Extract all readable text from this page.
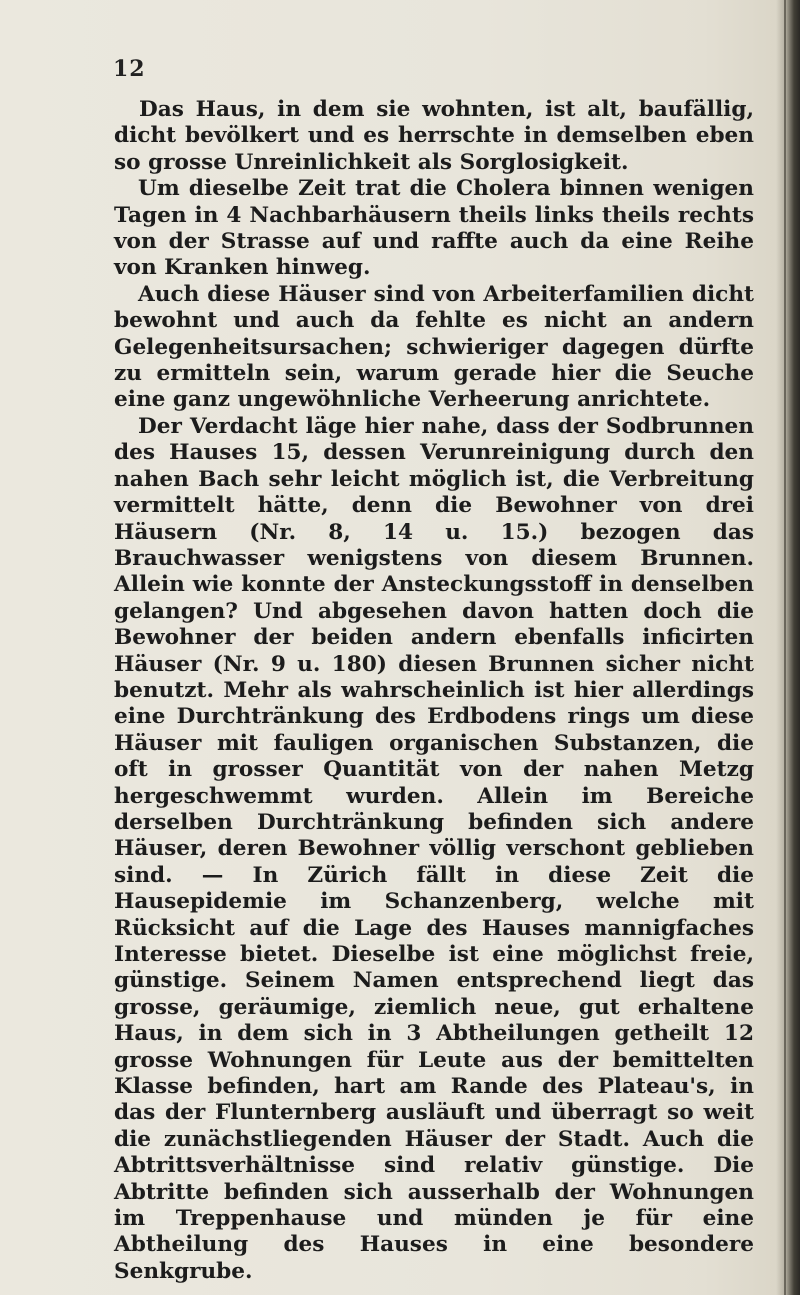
12

Das Haus, in dem sie wohnten, ist alt, baufällig, dicht bevölkert und es herrschte in demselben eben so grosse Unreinlichkeit als Sorglosigkeit.

Um dieselbe Zeit trat die Cholera binnen wenigen Tagen in 4 Nachbarhäusern theils links theils rechts von der Strasse auf und raffte auch da eine Reihe von Kranken hinweg.

Auch diese Häuser sind von Arbeiterfamilien dicht bewohnt und auch da fehlte es nicht an andern Gelegenheitsursachen; schwieriger dagegen dürfte zu ermitteln sein, warum gerade hier die Seuche eine ganz ungewöhnliche Verheerung anrichtete.

Der Verdacht läge hier nahe, dass der Sodbrunnen des Hauses 15, dessen Verunreinigung durch den nahen Bach sehr leicht möglich ist, die Verbreitung vermittelt hätte, denn die Bewohner von drei Häusern (Nr. 8, 14 u. 15.) bezogen das Brauchwasser wenigstens von diesem Brunnen. Allein wie konnte der Ansteckungsstoff in denselben gelangen? Und abgesehen davon hatten doch die Bewohner der beiden andern ebenfalls inficirten Häuser (Nr. 9 u. 180) diesen Brunnen sicher nicht benutzt. Mehr als wahrscheinlich ist hier allerdings eine Durchtränkung des Erdbodens rings um diese Häuser mit fauligen organischen Substanzen, die oft in grosser Quantität von der nahen Metzg hergeschwemmt wurden. Allein im Bereiche derselben Durchtränkung befinden sich andere Häuser, deren Bewohner völlig verschont geblieben sind. — In Zürich fällt in diese Zeit die Hausepidemie im Schanzenberg, welche mit Rücksicht auf die Lage des Hauses mannigfaches Interesse bietet. Dieselbe ist eine möglichst freie, günstige. Seinem Namen entsprechend liegt das grosse, geräumige, ziemlich neue, gut erhaltene Haus, in dem sich in 3 Abtheilungen getheilt 12 grosse Wohnungen für Leute aus der bemittelten Klasse befinden, hart am Rande des Plateau's, in das der Flunternberg ausläuft und überragt so weit die zunächstliegenden Häuser der Stadt. Auch die Abtrittsverhältnisse sind relativ günstige. Die Abtritte befinden sich ausserhalb der Wohnungen im Treppenhause und münden je für eine Abtheilung des Hauses in eine besondere Senkgrube.
